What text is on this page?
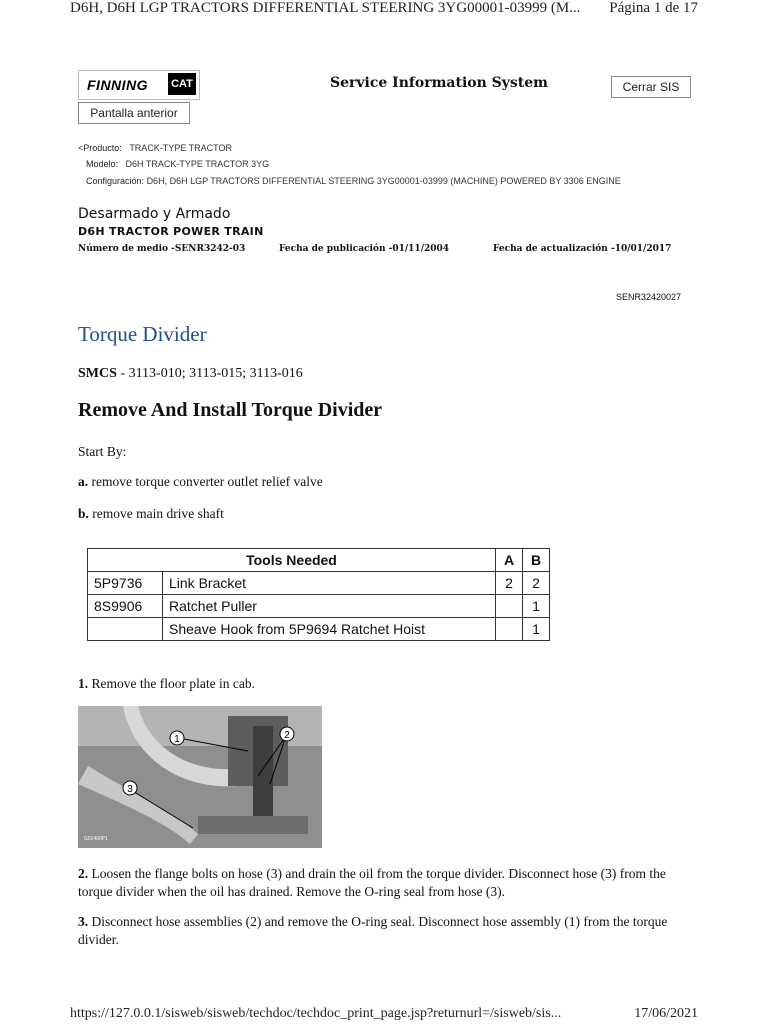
D6H, D6H LGP TRACTORS DIFFERENTIAL STEERING 3YG00001-03999 (M... Página 1 de 17
FINNING CAT	Service Information System
Pantalla anterior
Cerrar SIS
<Producto: TRACK-TYPE TRACTOR
Modelo: D6H TRACK-TYPE TRACTOR 3YG
Configuración: D6H, D6H LGP TRACTORS DIFFERENTIAL STEERING 3YG00001-03999 (MACHINE) POWERED BY 3306 ENGINE
Desarmado y Armado
D6H TRACTOR POWER TRAIN
Número de medio -SENR3242-03	Fecha de publicación -01/11/2004	Fecha de actualización -10/01/2017
SENR32420027
Torque Divider
SMCS - 3113-010; 3113-015; 3113-016
Remove And Install Torque Divider
Start By:
a. remove torque converter outlet relief valve
b. remove main drive shaft
Tools Needed		A	B
5P9736	Link Bracket	2	2
8S9906	Ratchet Puller		1
	Sheave Hook from 5P9694 Ratchet Hoist		1
1. Remove the floor plate in cab.
1	2
3
G01400P1
2. Loosen the flange bolts on hose (3) and drain the oil from the torque divider. Disconnect hose (3) from the torque divider when the oil has drained. Remove the O-ring seal from hose (3).
3. Disconnect hose assemblies (2) and remove the O-ring seal. Disconnect hose assembly (1) from the torque divider.
https://127.0.0.1/sisweb/sisweb/techdoc/techdoc_print_page.jsp?returnurl=/sisweb/sis...	17/06/2021
